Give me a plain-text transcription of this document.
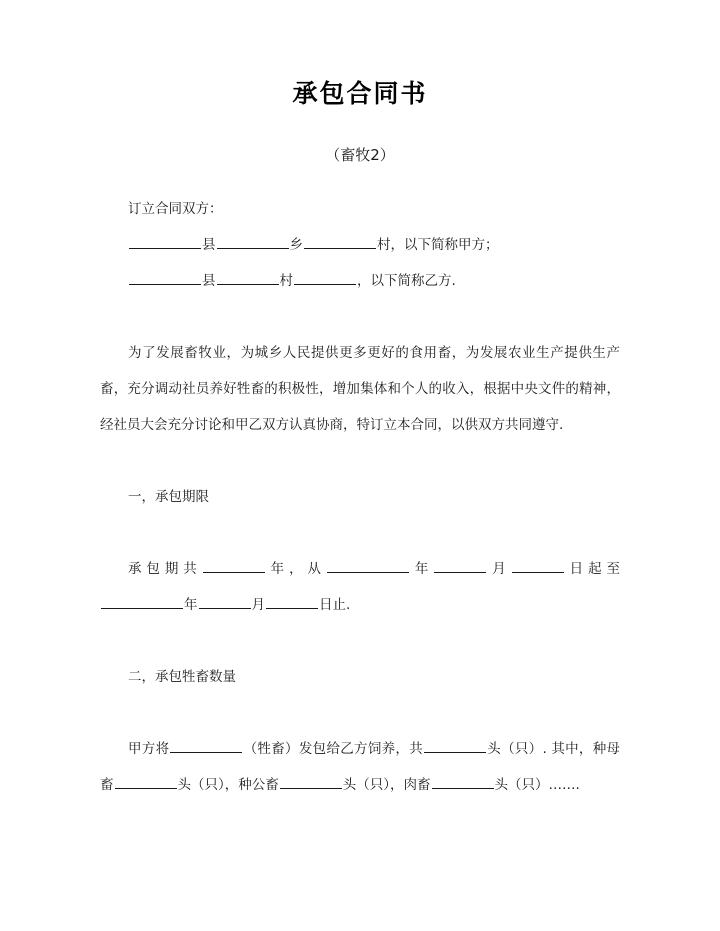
承包合同书

（畜牧2）

订立合同双方：

县	乡	村，以下简称甲方；

县	村	，以下简称乙方.

为了发展畜牧业，为城乡人民提供更多更好的食用畜，为发展农业生产提供生产畜，充分调动社员养好牲畜的积极性，增加集体和个人的收入，根据中央文件的精神，经社员大会充分讨论和甲乙双方认真协商，特订立本合同，以供双方共同遵守.

一，承包期限

承包期共	年，从	年	月	日起至年	月	日止.

二，承包牲畜数量

甲方将	（牲畜）发包给乙方饲养，共	头（只）. 其中，种母畜	头（只），种公畜	头（只），肉畜	头（只）…….
